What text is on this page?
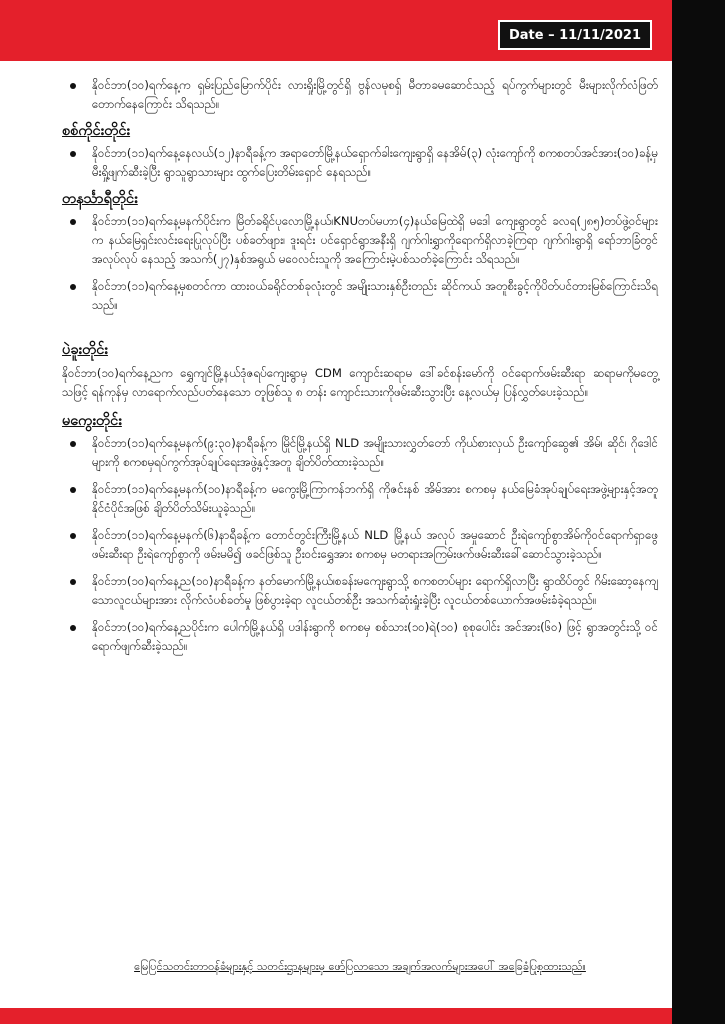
Date – 11/11/2021
နိုဝင်ဘာ(၁၀)ရက်နေ့က ရှမ်းပြည်မြောက်ပိုင်း လားရှိုးမြို့တွင်ရှိ ဗွန်လမုစရှ် မီတာခမဆောင်သည့် ရပ်ကွက်များတွင် မီးများလိုက်လံဖြတ်တောက်နေကြောင်း သိရသည်။
စစ်ကိုင်းတိုင်း
နိုဝင်ဘာ(၁၁)ရက်နေ့နေလယ်(၁၂)နာရီခန့်က အရာတော်မြို့နယ်ရှောက်ခါးကျေးရွာရှိ နေအိမ်(၃) လုံးကျော်ကို စကစတပ်အင်အား(၁၀)ခန့်မှ မီးရှို့ဖျက်ဆီးခဲ့ပြီး ရွာသူရွာသားများ ထွက်ပြေးတိမ်းရှောင် နေရသည်။
တနင်္သာရီတိုင်း
နိုဝင်ဘာ(၁၁)ရက်နေ့မနက်ပိုင်းက မြိတ်ခရိုင်ပုလောမြို့နယ်၊KNUတပ်မဟာ(၄)နယ်မြေထဲရှိ မဒေါ ကျေးရွာတွင် ခလရ(၂၈၅)တပ်ဖွဲ့ဝင်များက နယ်မြေရှင်းလင်းရေးပြုလုပ်ပြီး ပစ်ခတ်ဖျား၊ ဒူးရင်း ပင်ရှောင်ရွာအနီးရှိ ဂျက်ဂါးရွှာကိုရောက်ရှိလာခဲ့ကြရာ ဂျက်ဂါးရွာရှိ ရော်ဘာခြံတွင် အလုပ်လုပ် နေသည့် အသက်(၂၇)နှစ်အရွယ် မဝေလင်းသူကို အကြောင်းမဲ့ပစ်သတ်ခဲ့ကြောင်း သိရသည်။
နိုဝင်ဘာ(၁၁)ရက်နေ့မှစတင်ကာ ထားဝယ်ခရိုင်တစ်ခုလုံးတွင် အမျိုးသားနှစ်ဦးတည်း ဆိုင်ကယ် အတူစီးခွင့်ကိုပိတ်ပင်တားမြစ်ကြောင်းသိရသည်။
ပဲခူးတိုင်း
နိုဝင်ဘာ(၁၀)ရက်နေ့ညက ရွှေကျင်မြို့နယ်ဒုံဇရပ်ကျေးရွာမှ CDM ကျောင်းဆရာမ ဒေါ်ခင်စန်းမော်ကို ဝင်ရောက်ဖမ်းဆီးရာ ဆရာမကိုမတွေ့သဖြင့် ရန်ကုန်မှ လာရောက်လည်ပတ်နေသော တူဖြစ်သူ ၈ တန်း ကျောင်းသားကိုဖမ်းဆီးသွားပြီး နေ့လယ်မှ ပြန်လွှတ်ပေးခဲ့သည်။
မကွေးတိုင်း
နိုဝင်ဘာ(၁၁)ရက်နေ့မနက်(၉:၃၀)နာရီခန့်က မြိုင်မြို့နယ်ရှိ NLD အမျိုးသားလွှတ်တော် ကိုယ်စားလှယ် ဦးကျော်ဆွေ၏ အိမ်၊ ဆိုင်၊ ဂိုဒေါင်များကို စကစမှရပ်ကွက်အုပ်ချုပ်ရေးအဖွဲ့နှင့်အတူ ချိတ်ပိတ်ထားခဲ့သည်။
နိုဝင်ဘာ(၁၁)ရက်နေ့မနက်(၁၀)နာရီခန့်က မကွေးမြို့ကြာကန်ဘက်ရှိ ကိုဇင်းနစ် အိမ်အား စကစမှ နယ်မြေခံအုပ်ချုပ်ရေးအဖွဲ့များနှင့်အတူ နိုင်ငံပိုင်အဖြစ် ချိတ်ပိတ်သိမ်းယူခဲ့သည်။
နိုဝင်ဘာ(၁၁)ရက်နေ့မနက်(၆)နာရီခန့်က တောင်တွင်းကြီးမြို့နယ် NLD မြို့နယ် အလုပ် အမှုဆောင် ဦးရဲကျော်စွာအိမ်ကိုဝင်ရောက်ရှာဖွေဖမ်းဆီးရာ ဦးရဲကျော်စွာကို ဖမ်းမမိ၍ ဖခင်ဖြစ်သူ ဦးဝင်းရွှေအား စကစမှ မတရားအကြမ်းဖက်ဖမ်းဆီးခေါ်ဆောင်သွားခဲ့သည်။
နိုဝင်ဘာ(၁၀)ရက်နေ့ည(၁၀)နာရီခန့်က နတ်မောက်မြို့နယ်၊စခန်းမကျေးရွာသို့ စကစတပ်များ ရောက်ရှိလာပြီး ရွာထိပ်တွင် ဂိမ်းဆော့နေကျသောလူငယ်များအား လိုက်လံပစ်ခတ်မှု ဖြစ်ပွားခဲ့ရာ လူငယ်တစ်ဦး အသက်ဆုံးရှုံးခဲ့ပြီး လူငယ်တစ်ယောက်အဖမ်းခံခဲ့ရသည်။
နိုဝင်ဘာ(၁၀)ရက်နေ့ညပိုင်းက ပေါက်မြို့နယ်ရှိ ပဒါန်းရွာကို စကစမှ စစ်သား(၁၀)ရဲ(၁၀) စုစုပေါင်း အင်အား(၆၀) ဖြင့် ရွာအတွင်းသို့ ဝင်ရောက်ဖျက်ဆီးခဲ့သည်။
မြေပြင်သတင်းတာဝန်ခံများနှင့် သတင်းဌာနများမှ ဖော်ပြလာသော အချက်အလက်များအပေါ် အခြေခံပြုစုထားသည်။
